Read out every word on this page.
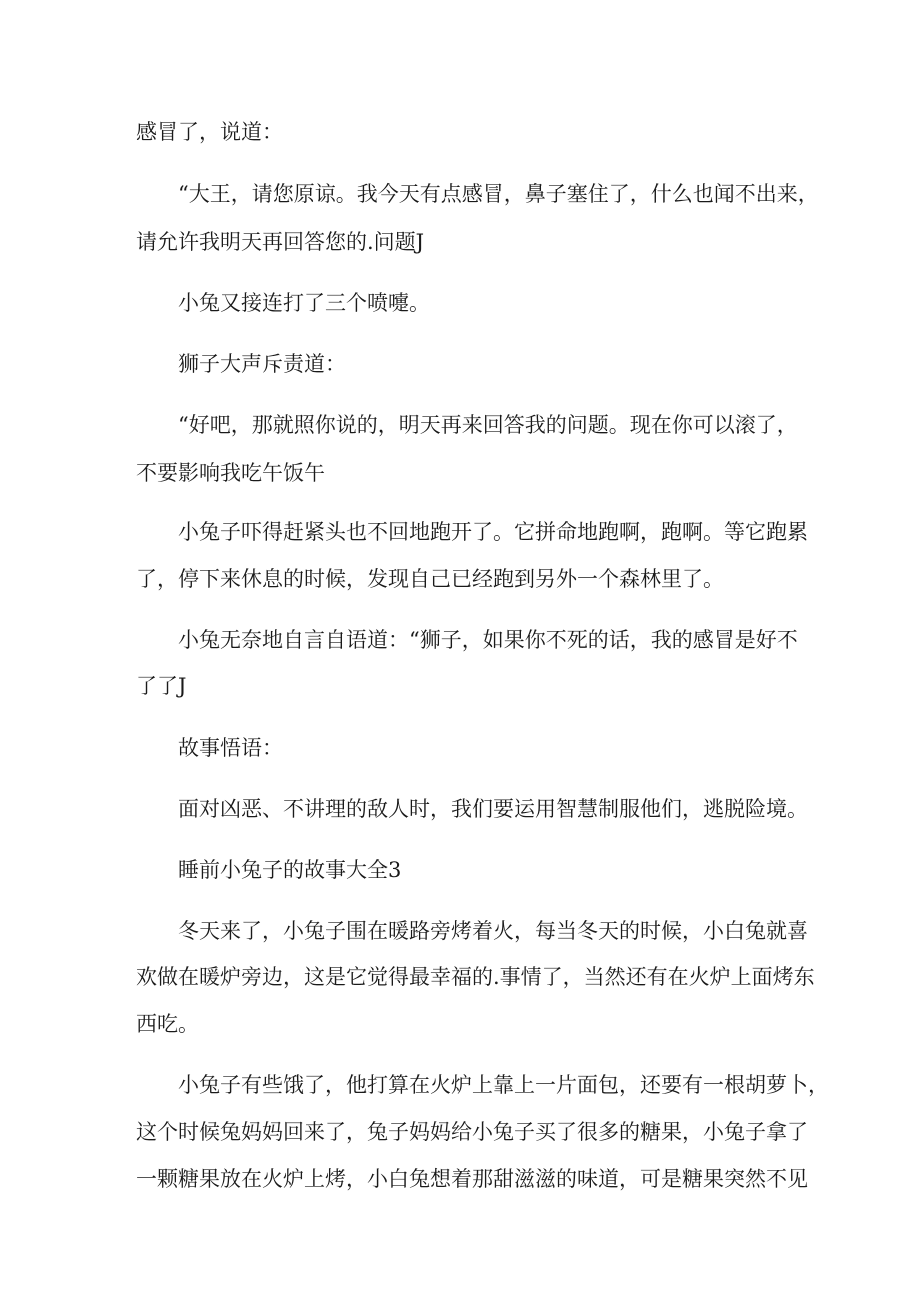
感冒了，说道：

“大王，请您原谅。我今天有点感冒，鼻子塞住了，什么也闻不出来，

请允许我明天再回答您的.问题J

小兔又接连打了三个喷嚏。

狮子大声斥责道：

“好吧，那就照你说的，明天再来回答我的问题。现在你可以滚了，

不要影响我吃午饭午

小兔子吓得赶紧头也不回地跑开了。它拼命地跑啊，跑啊。等它跑累

了，停下来休息的时候，发现自己已经跑到另外一个森林里了。

小兔无奈地自言自语道：“狮子，如果你不死的话，我的感冒是好不

了了J

故事悟语：

面对凶恶、不讲理的敌人时，我们要运用智慧制服他们，逃脱险境。

睡前小兔子的故事大全3

冬天来了，小兔子围在暖路旁烤着火，每当冬天的时候，小白兔就喜

欢做在暖炉旁边，这是它觉得最幸福的.事情了，当然还有在火炉上面烤东

西吃。

小兔子有些饿了，他打算在火炉上靠上一片面包，还要有一根胡萝卜，

这个时候兔妈妈回来了，兔子妈妈给小兔子买了很多的糖果，小兔子拿了

一颗糖果放在火炉上烤，小白兔想着那甜滋滋的味道，可是糖果突然不见
